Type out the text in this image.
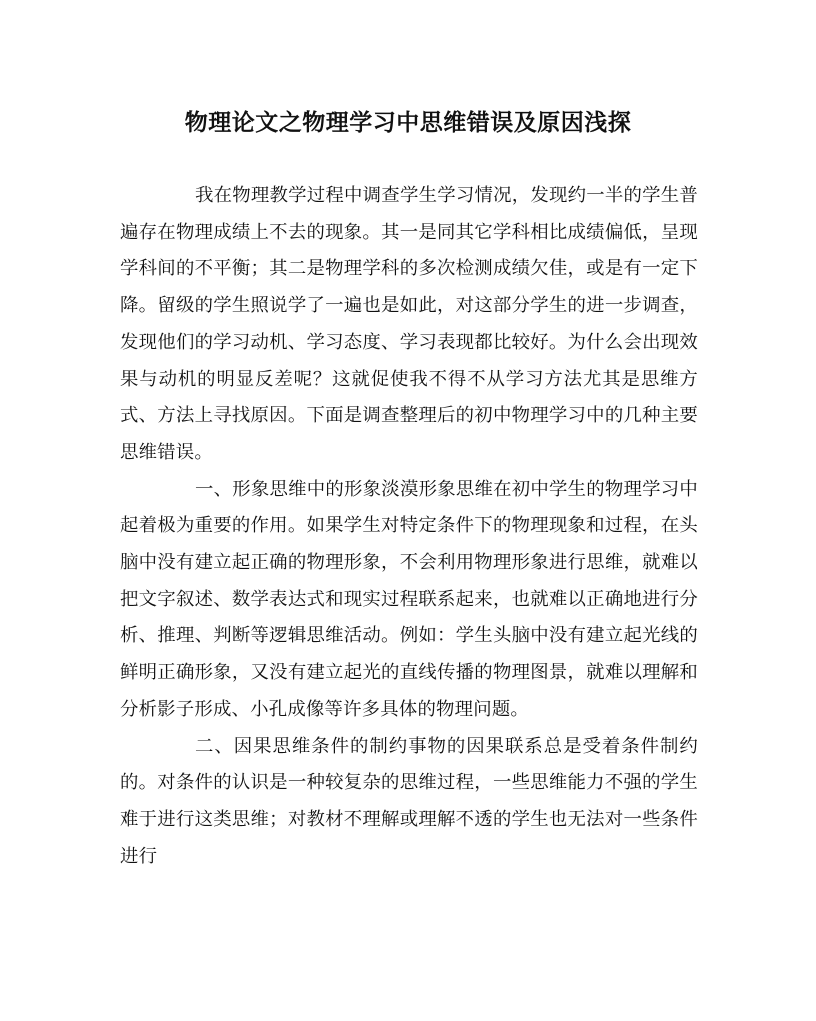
物理论文之物理学习中思维错误及原因浅探

我在物理教学过程中调查学生学习情况，发现约一半的学生普遍存在物理成绩上不去的现象。其一是同其它学科相比成绩偏低，呈现学科间的不平衡；其二是物理学科的多次检测成绩欠佳，或是有一定下降。留级的学生照说学了一遍也是如此，对这部分学生的进一步调查，发现他们的学习动机、学习态度、学习表现都比较好。为什么会出现效果与动机的明显反差呢？这就促使我不得不从学习方法尤其是思维方式、方法上寻找原因。下面是调查整理后的初中物理学习中的几种主要思维错误。

一、形象思维中的形象淡漠形象思维在初中学生的物理学习中起着极为重要的作用。如果学生对特定条件下的物理现象和过程，在头脑中没有建立起正确的物理形象，不会利用物理形象进行思维，就难以把文字叙述、数学表达式和现实过程联系起来，也就难以正确地进行分析、推理、判断等逻辑思维活动。例如：学生头脑中没有建立起光线的鲜明正确形象，又没有建立起光的直线传播的物理图景，就难以理解和分析影子形成、小孔成像等许多具体的物理问题。

二、因果思维条件的制约事物的因果联系总是受着条件制约的。对条件的认识是一种较复杂的思维过程，一些思维能力不强的学生难于进行这类思维；对教材不理解或理解不透的学生也无法对一些条件进行
